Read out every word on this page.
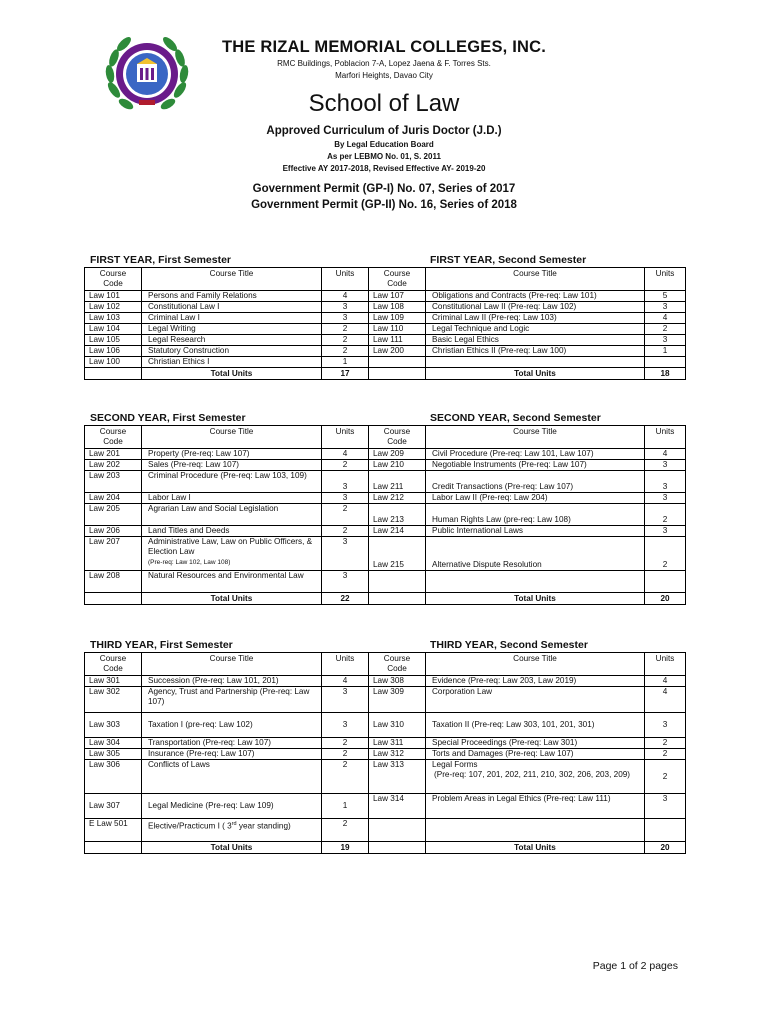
THE RIZAL MEMORIAL COLLEGES, INC.
RMC Buildings, Poblacion 7-A, Lopez Jaena & F. Torres Sts.
Marfori Heights, Davao City
School of Law
Approved Curriculum of Juris Doctor (J.D.)
By Legal Education Board
As per LEBMO No. 01, S. 2011
Effective AY 2017-2018, Revised Effective AY- 2019-20
Government Permit (GP-I) No. 07, Series of 2017
Government Permit (GP-II) No. 16, Series of 2018
FIRST YEAR, First Semester	FIRST YEAR, Second Semester
Course
Code	Course Title	Units	Course
Code	Course Title	Units
Law 101	Persons and Family Relations	4	Law 107	Obligations and Contracts (Pre-req: Law 101)	5
Law 102	Constitutional Law I	3	Law 108	Constitutional Law II (Pre-req: Law 102)	3
Law 103	Criminal Law I	3	Law 109	Criminal Law II (Pre-req: Law 103)	4
Law 104	Legal Writing	2	Law 110	Legal Technique and Logic	2
Law 105	Legal Research	2	Law 111	Basic Legal Ethics	3
Law 106	Statutory Construction	2	Law 200	Christian Ethics II (Pre-req: Law 100)	1
Law 100	Christian Ethics I	1			
	Total Units	17		Total Units	18
SECOND YEAR, First Semester	SECOND YEAR, Second Semester
Course
Code	Course Title	Units	Course
Code	Course Title	Units
Law 201	Property (Pre-req: Law 107)	4	Law 209	Civil Procedure (Pre-req: Law 101, Law 107)	4
Law 202	Sales (Pre-req: Law 107)	2	Law 210	Negotiable Instruments (Pre-req: Law 107)	3
Law 203	Criminal Procedure (Pre-req: Law 103, 109)	3	Law 211	Credit Transactions (Pre-req: Law 107)	3
Law 204	Labor Law I	3	Law 212	Labor Law II (Pre-req: Law 204)	3
Law 205	Agrarian Law and Social Legislation	2	Law 213	Human Rights Law (pre-req: Law 108)	2
Law 206	Land Titles and Deeds	2	Law 214	Public International Laws	3
Law 207	Administrative Law, Law on Public Officers, & Election Law
(Pre-req: Law 102, Law 108)	3	Law 215	Alternative Dispute Resolution	2
Law 208	Natural Resources and Environmental Law	3			
	Total Units	22		Total Units	20
THIRD YEAR, First Semester	THIRD YEAR, Second Semester
Course
Code	Course Title	Units	Course
Code	Course Title	Units
Law 301	Succession (Pre-req: Law 101, 201)	4	Law 308	Evidence (Pre-req: Law 203, Law 2019)	4
Law 302	Agency, Trust and Partnership (Pre-req: Law 107)	3	Law 309	Corporation Law	4
Law 303	Taxation I (pre-req: Law 102)	3	Law 310	Taxation II (Pre-req: Law 303, 101, 201, 301)	3
Law 304	Transportation (Pre-req: Law 107)	2	Law 311	Special Proceedings (Pre-req: Law 301)	2
Law 305	Insurance (Pre-req: Law 107)	2	Law 312	Torts and Damages (Pre-req: Law 107)	2
Law 306	Conflicts of Laws	2	Law 313	Legal Forms
(Pre-req: 107, 201, 202, 211, 210, 302, 206, 203, 209)	2
Law 307	Legal Medicine (Pre-req: Law 109)	1	Law 314	Problem Areas in Legal Ethics (Pre-req: Law 111)	3
E Law 501	Elective/Practicum I ( 3rd year standing)	2			
	Total Units	19		Total Units	20
Page 1 of 2 pages
